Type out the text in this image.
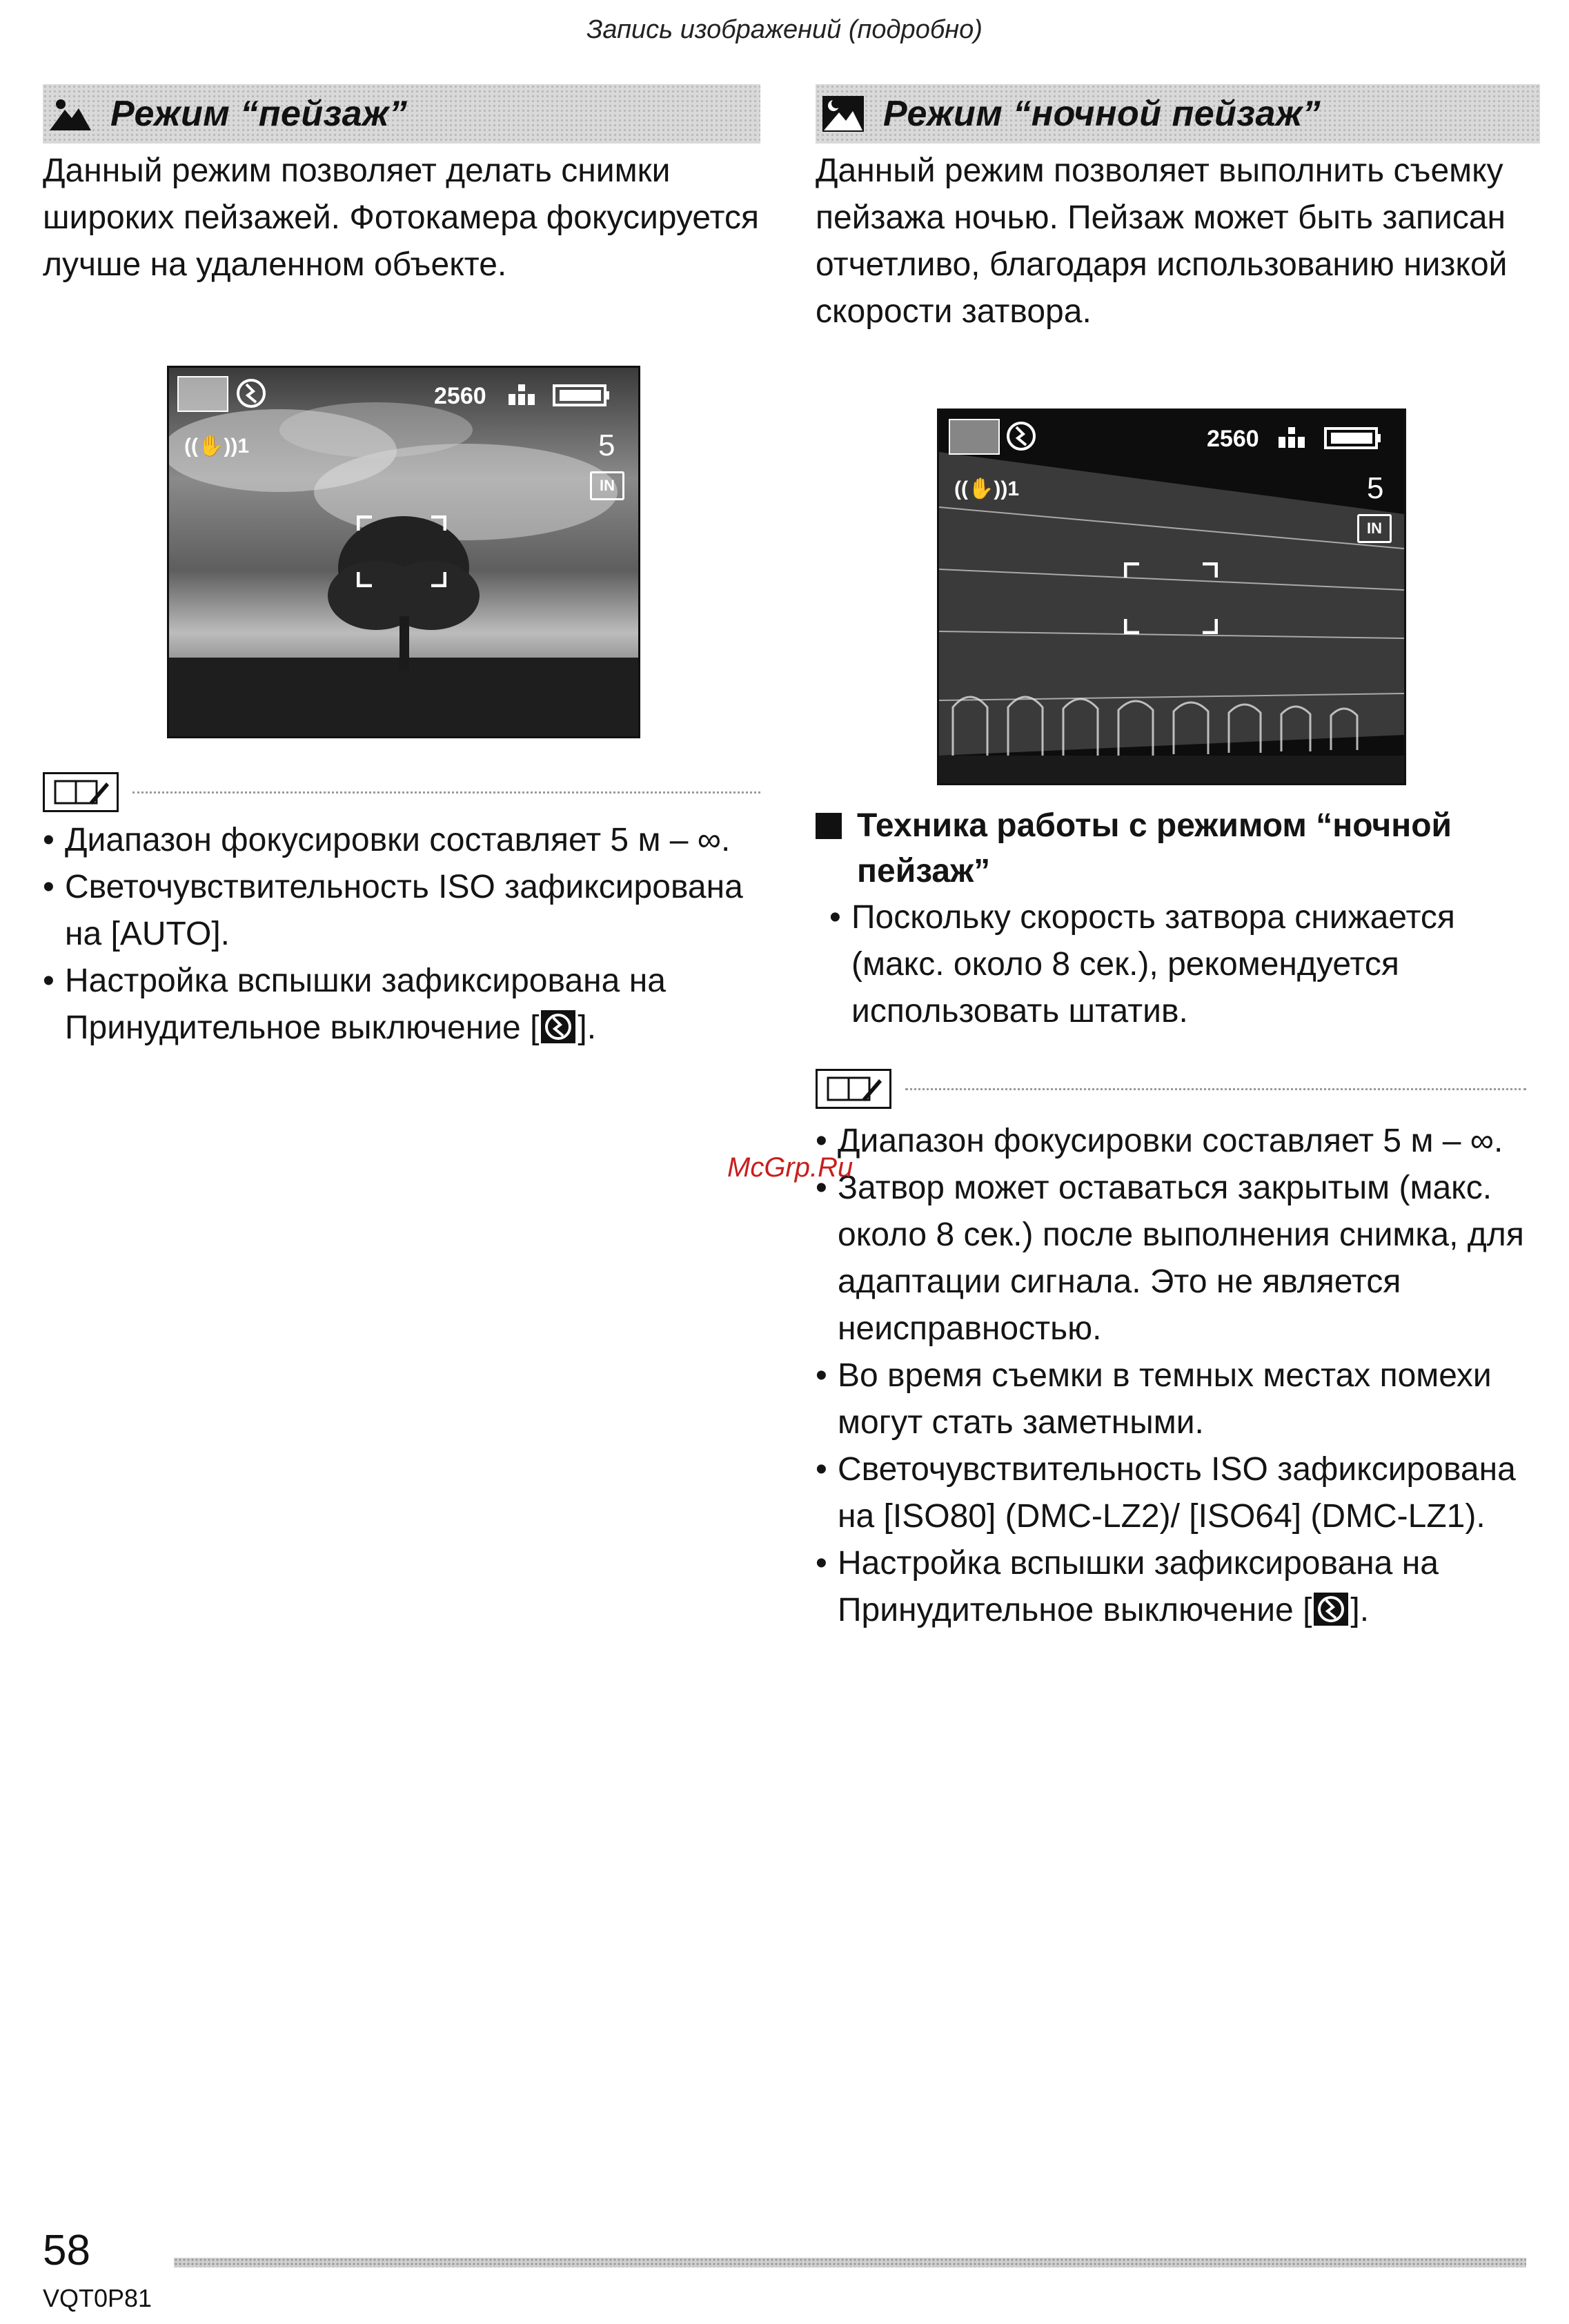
Запись изображений (подробно)
Режим “пейзаж”

Данный режим позволяет делать снимки широких пейзажей. Фотокамера фокусируется лучше на удаленном объекте.

2560
((✋))1	5
IN
• Диапазон фокусировки составляет 5 м – ∞.
• Светочувствительность ISO зафиксирована на [AUTO].
• Настройка вспышки зафиксирована на Принудительное выключение [ ].
Режим “ночной пейзаж”

Данный режим позволяет выполнить съемку пейзажа ночью. Пейзаж может быть записан отчетливо, благодаря использованию низкой скорости затвора.

2560
((✋))1	5
IN
Техника работы с режимом “ночной пейзаж”
• Поскольку скорость затвора снижается (макс. около 8 сек.), рекомендуется использовать штатив.
• Диапазон фокусировки составляет 5 м – ∞.
• Затвор может оставаться закрытым (макс. около 8 сек.) после выполнения снимка, для адаптации сигнала. Это не является неисправностью.
• Во время съемки в темных местах помехи могут стать заметными.
• Светочувствительность ISO зафиксирована на [ISO80] (DMC-LZ2)/ [ISO64] (DMC-LZ1).
• Настройка вспышки зафиксирована на Принудительное выключение [ ].
McGrp.Ru
58
VQT0P81
